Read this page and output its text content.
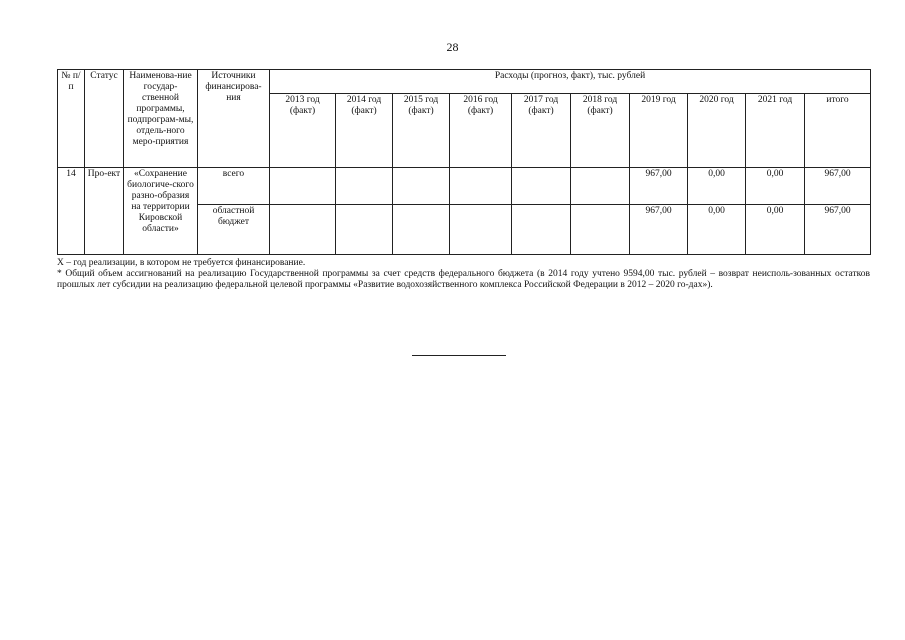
28
№ п/п	Статус	Наименова-ние государ-ственной программы, подпрограм-мы, отдель-ного меро-приятия	Источники финансирова-ния	Расходы (прогноз, факт), тыс. рублей									
				2013 год (факт)	2014 год (факт)	2015 год (факт)	2016 год (факт)	2017 год (факт)	2018 год (факт)	2019 год	2020 год	2021 год	итого
14	Про-ект	«Сохранение биологиче-ского разно-образия на территории Кировской области»	всего							967,00	0,00	0,00	967,00
			областной бюджет							967,00	0,00	0,00	967,00
Х – год реализации, в котором не требуется финансирование.
* Общий объем ассигнований на реализацию Государственной программы за счет средств федерального бюджета (в 2014 году учтено 9594,00 тыс. рублей – возврат неисполь-зованных остатков прошлых лет субсидии на реализацию федеральной целевой программы «Развитие водохозяйственного комплекса Российской Федерации в 2012 – 2020 го-дах»).
